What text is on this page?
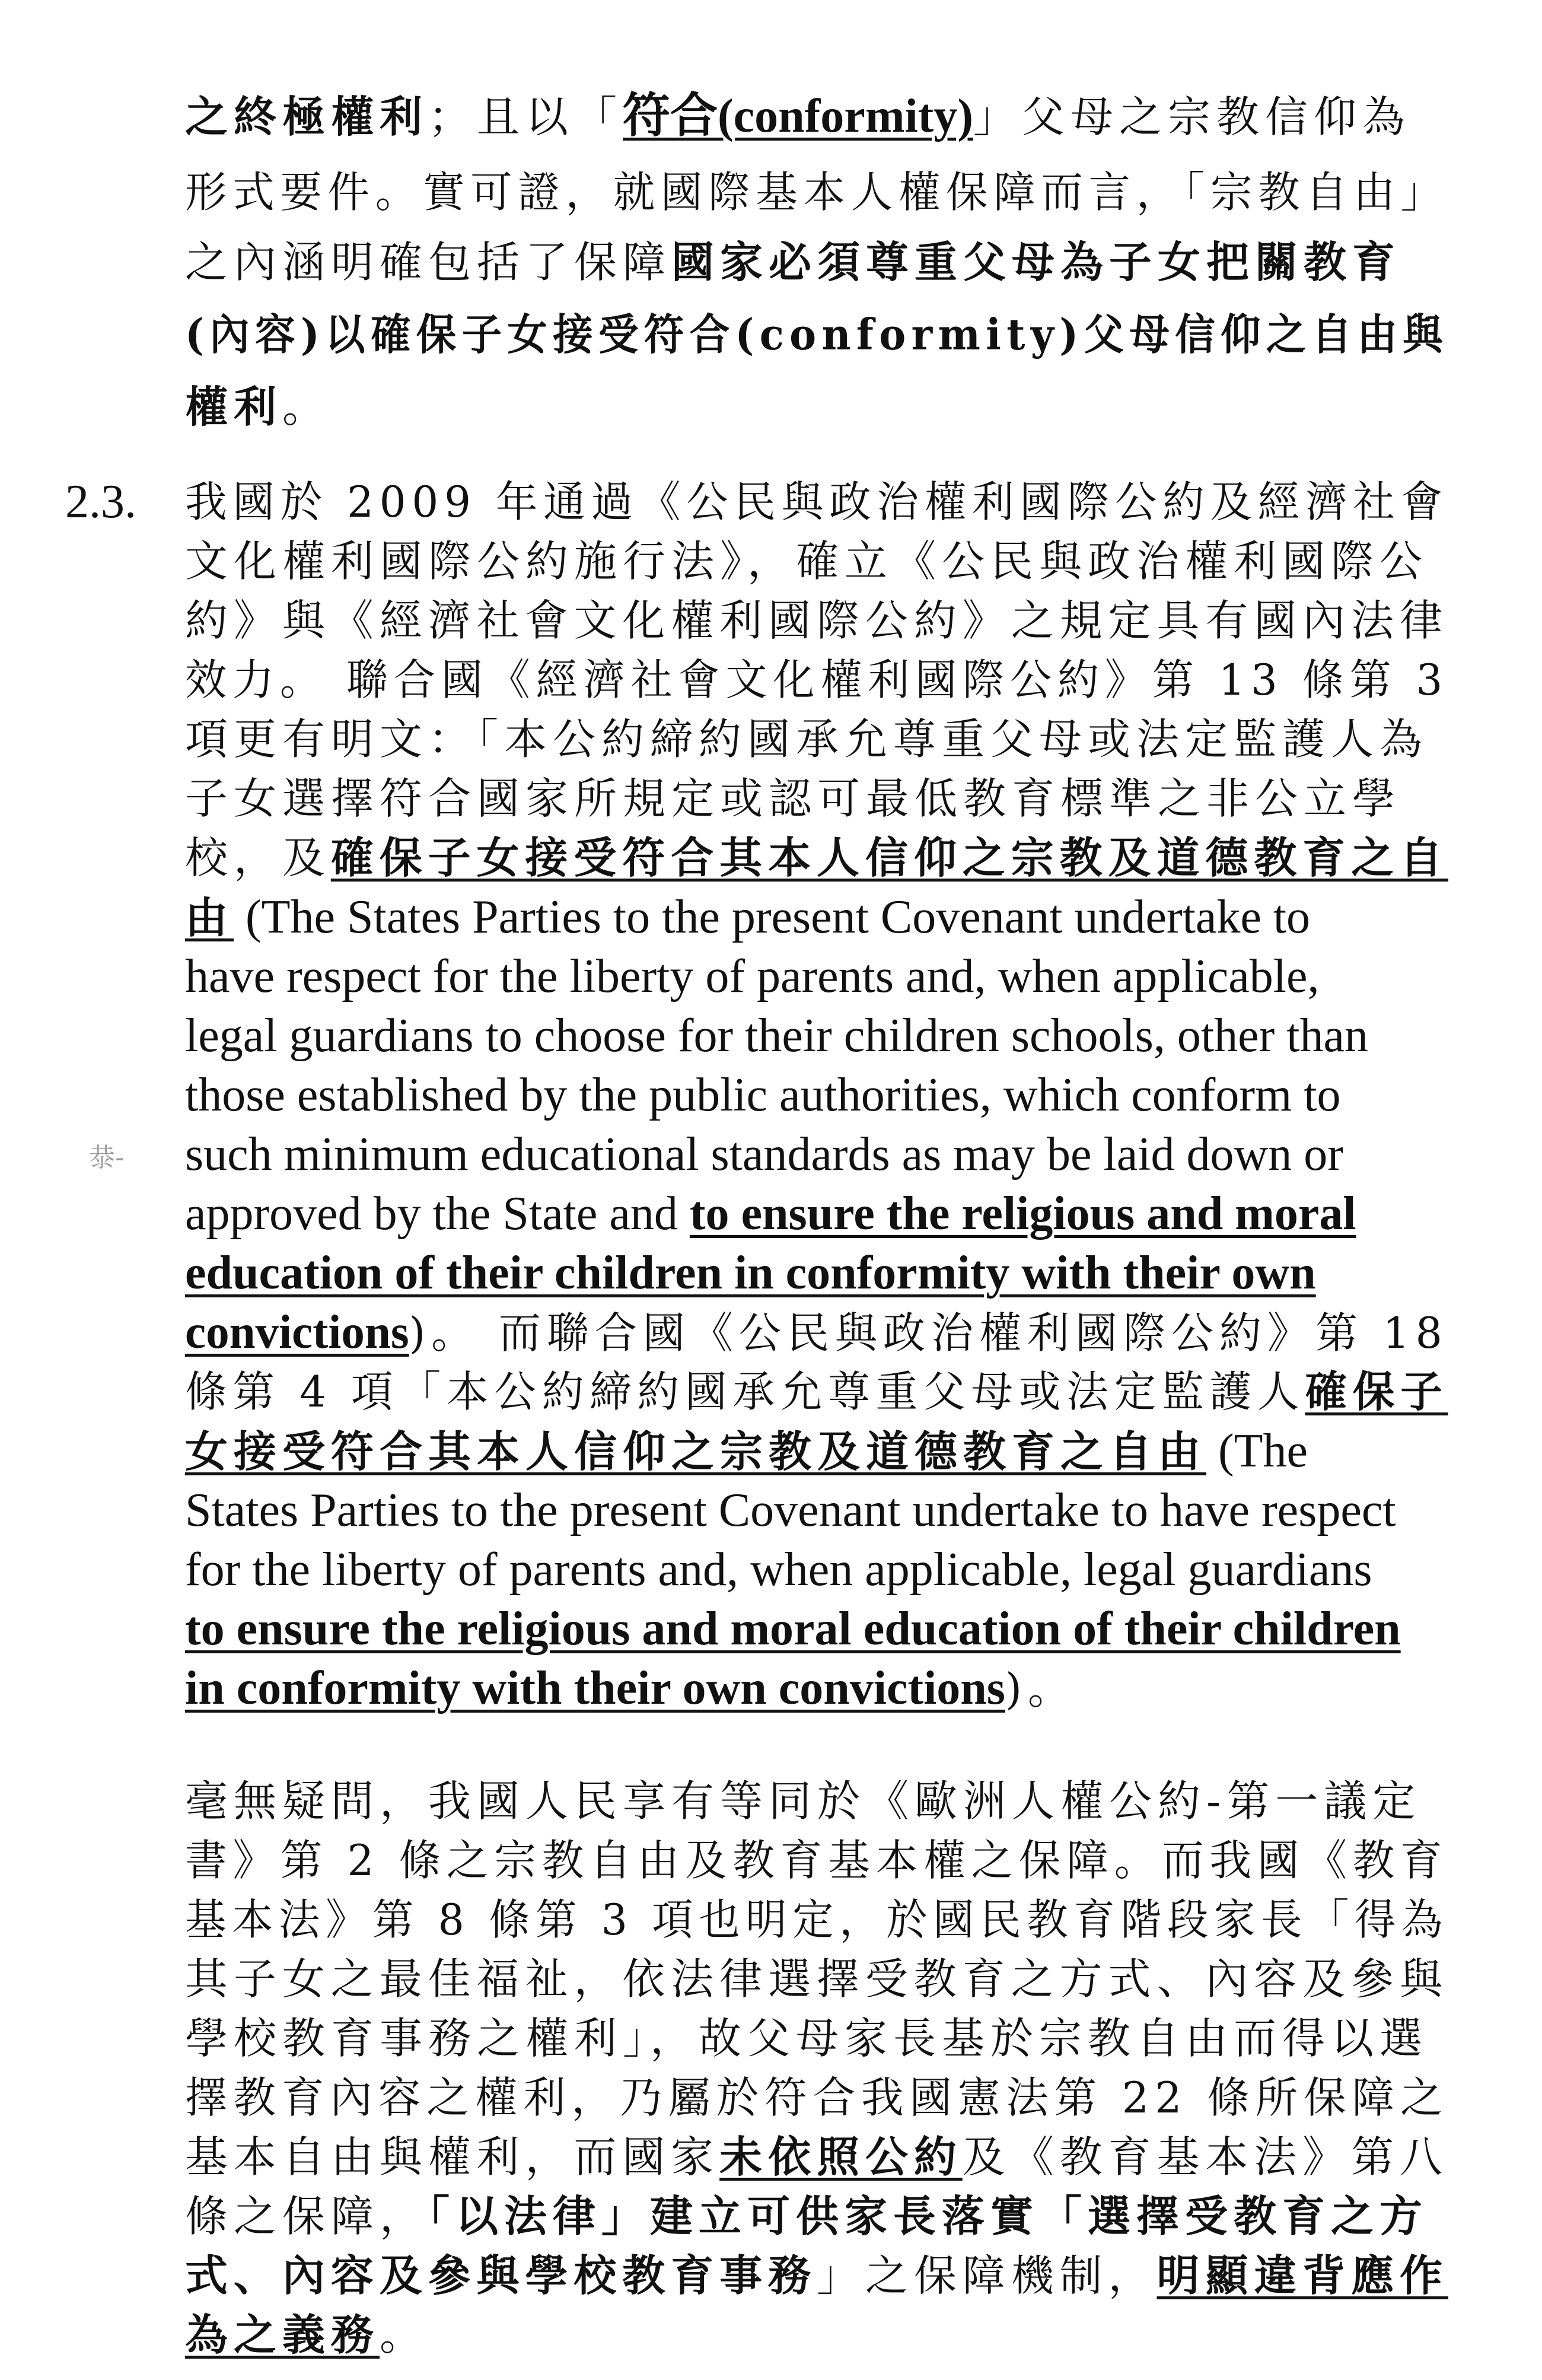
㳟-
之終極權利；且以「符合(conformity)」父母之宗教信仰為
形式要件。實可證，就國際基本人權保障而言，「宗教自由」
之內涵明確包括了保障國家必須尊重父母為子女把關教育
(內容)以確保子女接受符合(conformity)父母信仰之自由與
權利。
2.3. 我國於 2009 年通過《公民與政治權利國際公約及經濟社會
文化權利國際公約施行法》，確立《公民與政治權利國際公
約》與《經濟社會文化權利國際公約》之規定具有國內法律
效力。 聯合國《經濟社會文化權利國際公約》第 13 條第 3
項更有明文：「本公約締約國承允尊重父母或法定監護人為
子女選擇符合國家所規定或認可最低教育標準之非公立學
校，及確保子女接受符合其本人信仰之宗教及道德教育之自
由 (The States Parties to the present Covenant undertake to
have respect for the liberty of parents and, when applicable,
legal guardians to choose for their children schools, other than
those established by the public authorities, which conform to
such minimum educational standards as may be laid down or
approved by the State and to ensure the religious and moral
education of their children in conformity with their own
convictions)。 而聯合國《公民與政治權利國際公約》第 18
條第 4 項「本公約締約國承允尊重父母或法定監護人確保子
女接受符合其本人信仰之宗教及道德教育之自由 (The
States Parties to the present Covenant undertake to have respect
for the liberty of parents and, when applicable, legal guardians
to ensure the religious and moral education of their children
in conformity with their own convictions)。
毫無疑問，我國人民享有等同於《歐洲人權公約-第一議定
書》第 2 條之宗教自由及教育基本權之保障。而我國《教育
基本法》第 8 條第 3 項也明定，於國民教育階段家長「得為
其子女之最佳福祉，依法律選擇受教育之方式、內容及參與
學校教育事務之權利」，故父母家長基於宗教自由而得以選
擇教育內容之權利，乃屬於符合我國憲法第 22 條所保障之
基本自由與權利，而國家未依照公約及《教育基本法》第八
條之保障，「以法律」建立可供家長落實「選擇受教育之方
式、內容及參與學校教育事務」之保障機制，明顯違背應作
為之義務。
